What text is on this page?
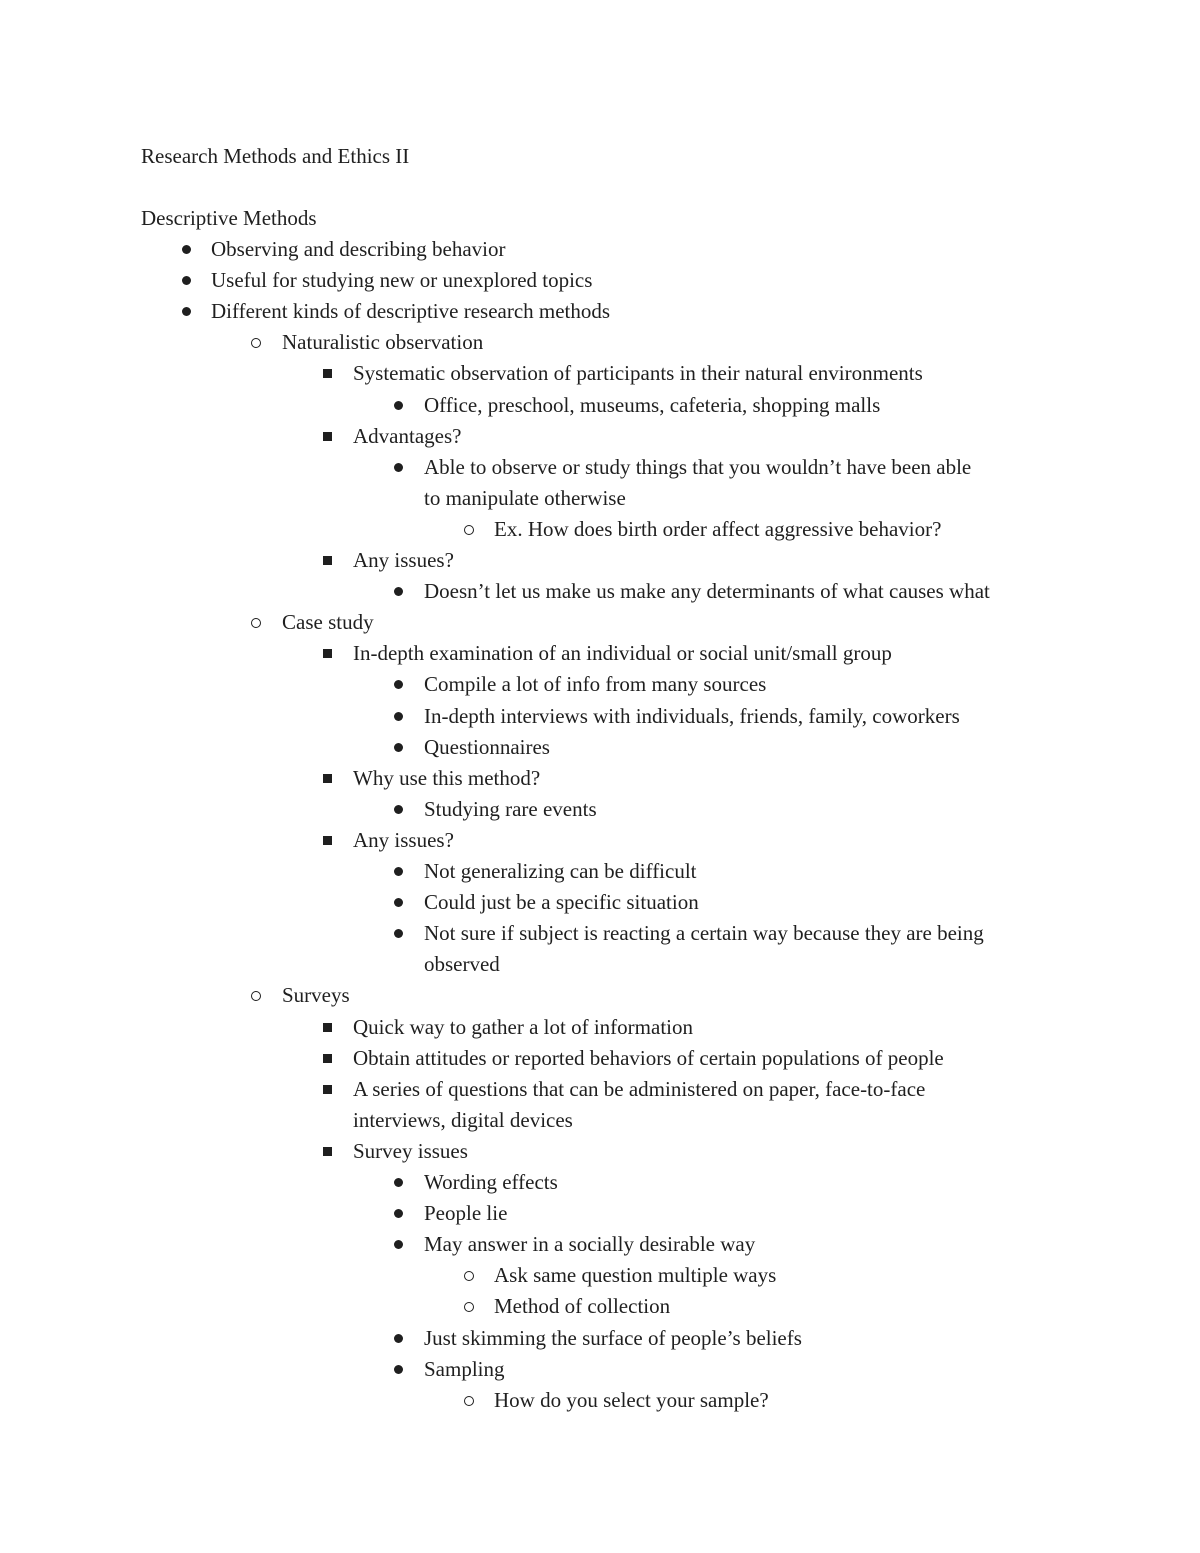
Research Methods and Ethics II
Descriptive Methods
Observing and describing behavior
Useful for studying new or unexplored topics
Different kinds of descriptive research methods
Naturalistic observation
Systematic observation of participants in their natural environments
Office, preschool, museums, cafeteria, shopping malls
Advantages?
Able to observe or study things that you wouldn’t have been able
to manipulate otherwise
Ex. How does birth order affect aggressive behavior?
Any issues?
Doesn’t let us make us make any determinants of what causes what
Case study
In-depth examination of an individual or social unit/small group
Compile a lot of info from many sources
In-depth interviews with individuals, friends, family, coworkers
Questionnaires
Why use this method?
Studying rare events
Any issues?
Not generalizing can be difficult
Could just be a specific situation
Not sure if subject is reacting a certain way because they are being
observed
Surveys
Quick way to gather a lot of information
Obtain attitudes or reported behaviors of certain populations of people
A series of questions that can be administered on paper, face-to-face
interviews, digital devices
Survey issues
Wording effects
People lie
May answer in a socially desirable way
Ask same question multiple ways
Method of collection
Just skimming the surface of people’s beliefs
Sampling
How do you select your sample?
